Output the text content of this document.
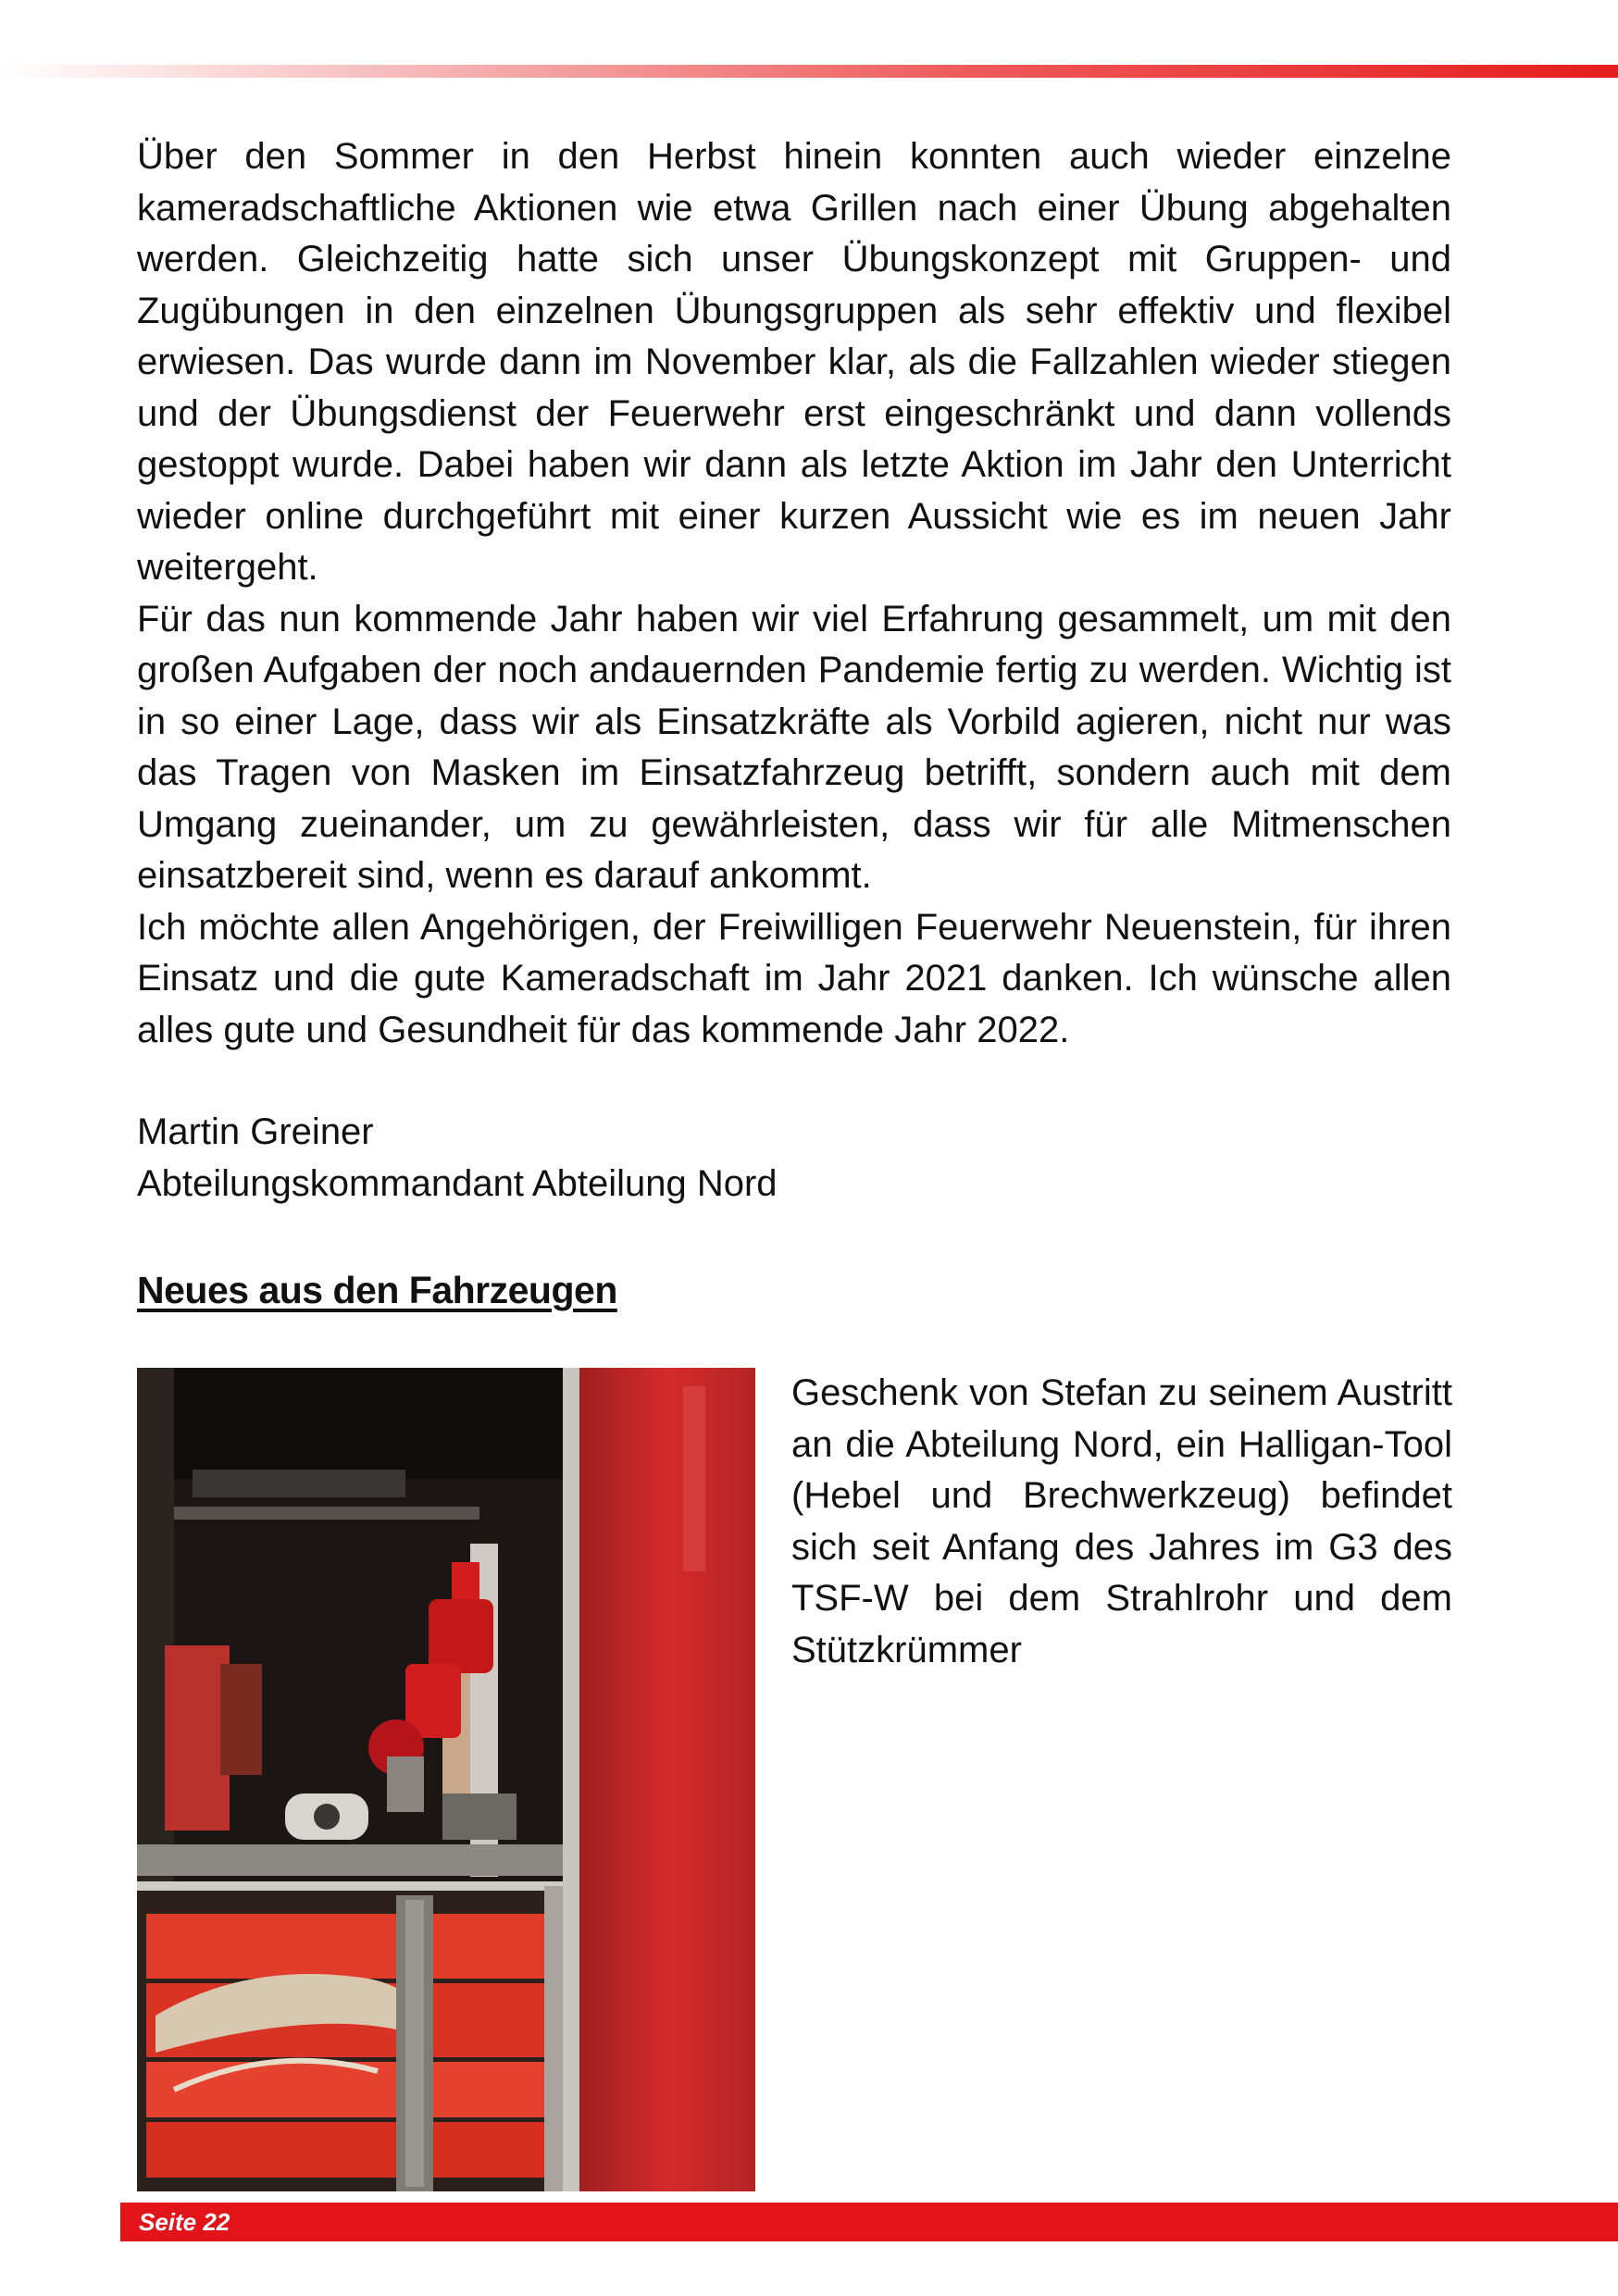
Über den Sommer in den Herbst hinein konnten auch wieder einzelne kameradschaftliche Aktionen wie etwa Grillen nach einer Übung abgehalten werden. Gleichzeitig hatte sich unser Übungskonzept mit Gruppen- und Zugübungen in den einzelnen Übungsgruppen als sehr effektiv und flexibel erwiesen. Das wurde dann im November klar, als die Fallzahlen wieder stiegen und der Übungsdienst der Feuerwehr erst eingeschränkt und dann vollends gestoppt wurde. Dabei haben wir dann als letzte Aktion im Jahr den Unterricht wieder online durchgeführt mit einer kurzen Aussicht wie es im neuen Jahr weitergeht.

Für das nun kommende Jahr haben wir viel Erfahrung gesammelt, um mit den großen Aufgaben der noch andauernden Pandemie fertig zu werden. Wichtig ist in so einer Lage, dass wir als Einsatzkräfte als Vorbild agieren, nicht nur was das Tragen von Masken im Einsatzfahrzeug betrifft, sondern auch mit dem Umgang zueinander, um zu gewährleisten, dass wir für alle Mitmenschen einsatzbereit sind, wenn es darauf ankommt.

Ich möchte allen Angehörigen, der Freiwilligen Feuerwehr Neuenstein, für ihren Einsatz und die gute Kameradschaft im Jahr 2021 danken. Ich wünsche allen alles gute und Gesundheit für das kommende Jahr 2022.

Martin Greiner

Abteilungskommandant Abteilung Nord

Neues aus den Fahrzeugen

Geschenk von Stefan zu seinem Austritt an die Abteilung Nord, ein Halligan-Tool (Hebel und Brechwerkzeug) befindet sich seit Anfang des Jahres im G3 des TSF-W bei dem Strahlrohr und dem Stützkrümmer

Seite 22
